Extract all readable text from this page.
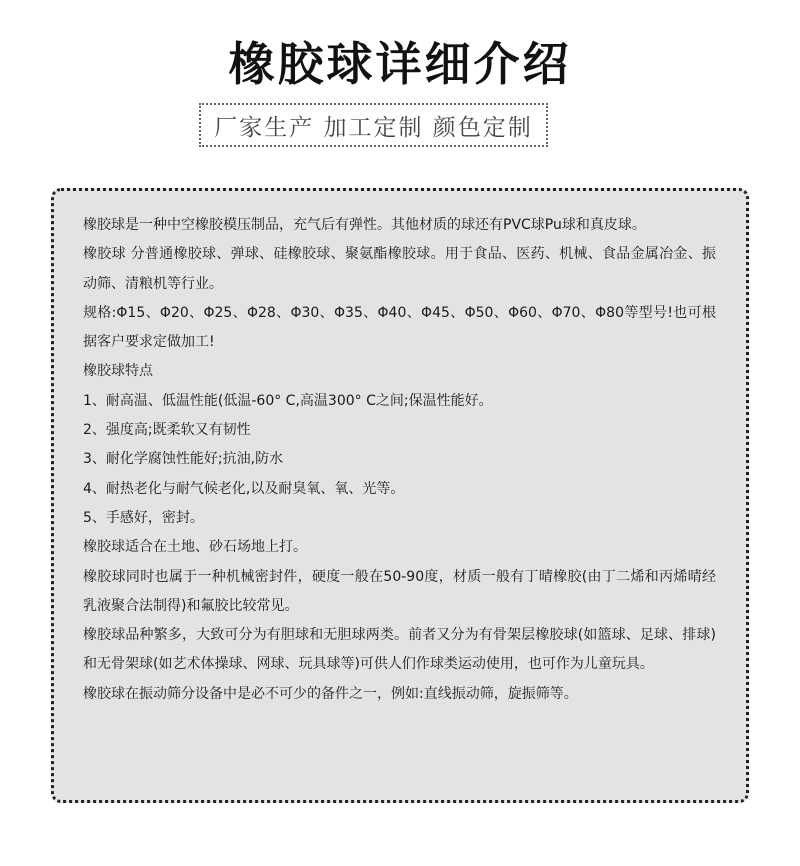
橡胶球详细介绍
厂家生产 加工定制 颜色定制

橡胶球是一种中空橡胶模压制品，充气后有弹性。其他材质的球还有PVC球Pu球和真皮球。

橡胶球 分普通橡胶球、弹球、硅橡胶球、聚氨酯橡胶球。用于食品、医药、机械、食品金属冶金、振动筛、清粮机等行业。

规格:Φ15、Φ20、Φ25、Φ28、Φ30、Φ35、Φ40、Φ45、Φ50、Φ60、Φ70、Φ80等型号!也可根据客户要求定做加工!

橡胶球特点

1、耐高温、低温性能(低温-60° C,高温300° C之间;保温性能好。

2、强度高;既柔软又有韧性

3、耐化学腐蚀性能好;抗油,防水

4、耐热老化与耐气候老化,以及耐臭氧、氧、光等。

5、手感好，密封。

橡胶球适合在土地、砂石场地上打。

橡胶球同时也属于一种机械密封件，硬度一般在50-90度，材质一般有丁晴橡胶(由丁二烯和丙烯晴经乳液聚合法制得)和氟胶比较常见。

橡胶球品种繁多，大致可分为有胆球和无胆球两类。前者又分为有骨架层橡胶球(如篮球、足球、排球)和无骨架球(如艺术体操球、网球、玩具球等)可供人们作球类运动使用，也可作为儿童玩具。

橡胶球在振动筛分设备中是必不可少的备件之一，例如:直线振动筛，旋振筛等。
